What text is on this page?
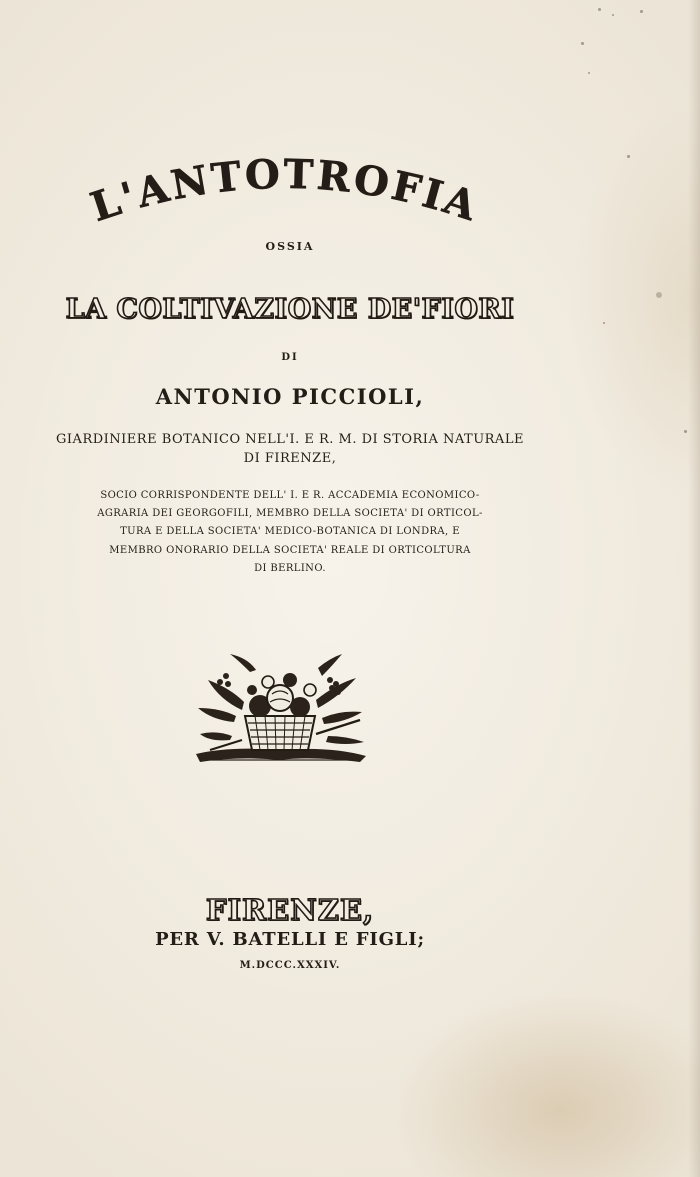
L'ANTOTROFIA
OSSIA
LA COLTIVAZIONE DE'FIORI
DI
ANTONIO PICCIOLI,
GIARDINIERE BOTANICO NELL'I. E R. M. DI STORIA NATURALE
DI FIRENZE,
SOCIO CORRISPONDENTE DELL' I. E R. ACCADEMIA ECONOMICO-
AGRARIA DEI GEORGOFILI, MEMBRO DELLA SOCIETA' DI ORTICOL-
TURA E DELLA SOCIETA' MEDICO-BOTANICA DI LONDRA, E
MEMBRO ONORARIO DELLA SOCIETA' REALE DI ORTICOLTURA
DI BERLINO.
FIRENZE,
PER V. BATELLI E FIGLI;
M.DCCC.XXXIV.
